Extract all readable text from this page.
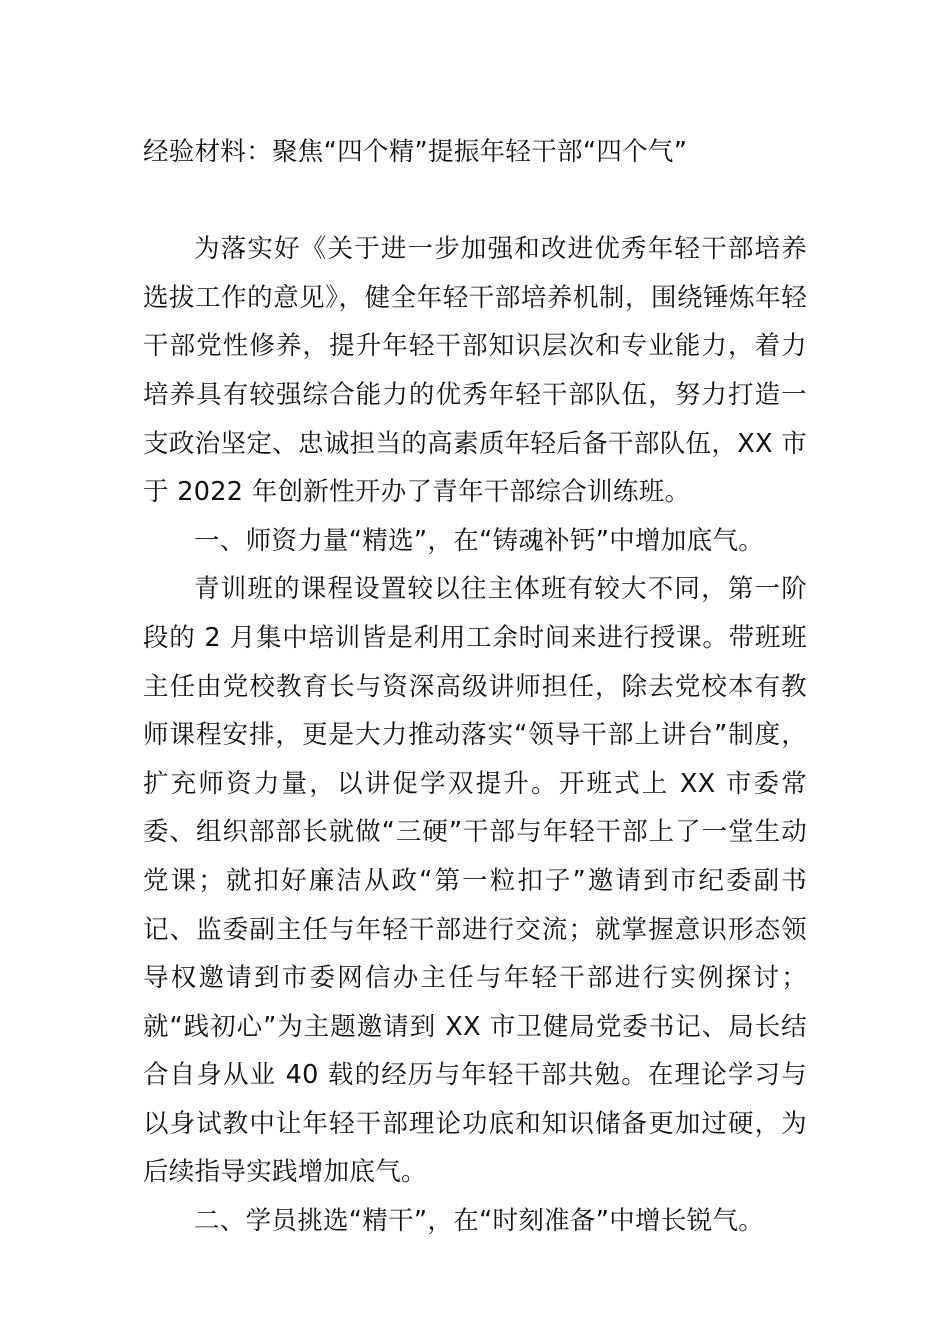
经验材料：聚焦“四个精”提振年轻干部“四个气”

为落实好《关于进一步加强和改进优秀年轻干部培养选拔工作的意见》，健全年轻干部培养机制，围绕锤炼年轻干部党性修养，提升年轻干部知识层次和专业能力，着力培养具有较强综合能力的优秀年轻干部队伍，努力打造一支政治坚定、忠诚担当的高素质年轻后备干部队伍，XX 市于 2022 年创新性开办了青年干部综合训练班。

一、师资力量“精选”，在“铸魂补钙”中增加底气。

青训班的课程设置较以往主体班有较大不同，第一阶段的 2 月集中培训皆是利用工余时间来进行授课。带班班主任由党校教育长与资深高级讲师担任，除去党校本有教师课程安排，更是大力推动落实“领导干部上讲台”制度，扩充师资力量，以讲促学双提升。开班式上 XX 市委常委、组织部部长就做“三硬”干部与年轻干部上了一堂生动党课；就扣好廉洁从政“第一粒扣子”邀请到市纪委副书记、监委副主任与年轻干部进行交流；就掌握意识形态领导权邀请到市委网信办主任与年轻干部进行实例探讨；就“践初心”为主题邀请到 XX 市卫健局党委书记、局长结合自身从业 40 载的经历与年轻干部共勉。在理论学习与以身试教中让年轻干部理论功底和知识储备更加过硬，为后续指导实践增加底气。

二、学员挑选“精干”，在“时刻准备”中增长锐气。
